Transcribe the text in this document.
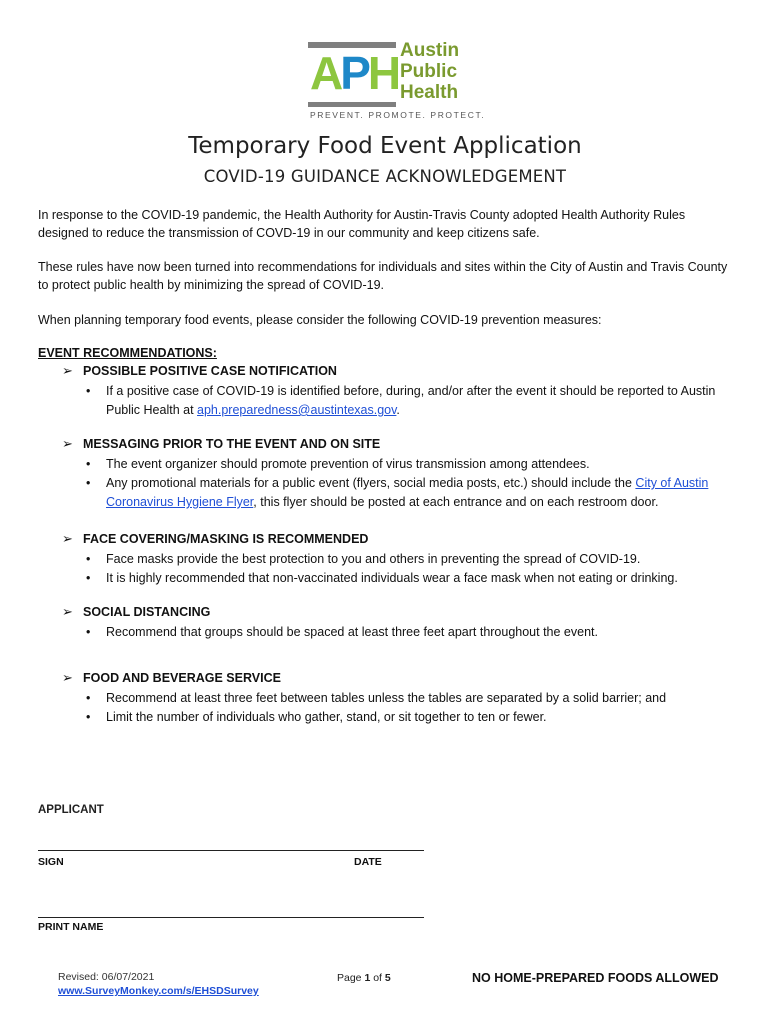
APH Austin
Public
Health
PREVENT. PROMOTE. PROTECT.
Temporary Food Event Application
COVID-19 GUIDANCE ACKNOWLEDGEMENT
In response to the COVID-19 pandemic, the Health Authority for Austin-Travis County adopted Health Authority Rules designed to reduce the transmission of COVD-19 in our community and keep citizens safe.
These rules have now been turned into recommendations for individuals and sites within the City of Austin and Travis County to protect public health by minimizing the spread of COVID-19.
When planning temporary food events, please consider the following COVID-19 prevention measures:
EVENT RECOMMENDATIONS:
➢ POSSIBLE POSITIVE CASE NOTIFICATION
• If a positive case of COVID-19 is identified before, during, and/or after the event it should be reported to Austin Public Health at aph.preparedness@austintexas.gov.
➢ MESSAGING PRIOR TO THE EVENT AND ON SITE
• The event organizer should promote prevention of virus transmission among attendees.
• Any promotional materials for a public event (flyers, social media posts, etc.) should include the City of Austin Coronavirus Hygiene Flyer, this flyer should be posted at each entrance and on each restroom door.
➢ FACE COVERING/MASKING IS RECOMMENDED
• Face masks provide the best protection to you and others in preventing the spread of COVID-19.
• It is highly recommended that non-vaccinated individuals wear a face mask when not eating or drinking.
➢ SOCIAL DISTANCING
• Recommend that groups should be spaced at least three feet apart throughout the event.
➢ FOOD AND BEVERAGE SERVICE
• Recommend at least three feet between tables unless the tables are separated by a solid barrier; and
• Limit the number of individuals who gather, stand, or sit together to ten or fewer.
APPLICANT
SIGN	DATE
PRINT NAME
Revised: 06/07/2021
www.SurveyMonkey.com/s/EHSDSurvey
Page 1 of 5	NO HOME-PREPARED FOODS ALLOWED
